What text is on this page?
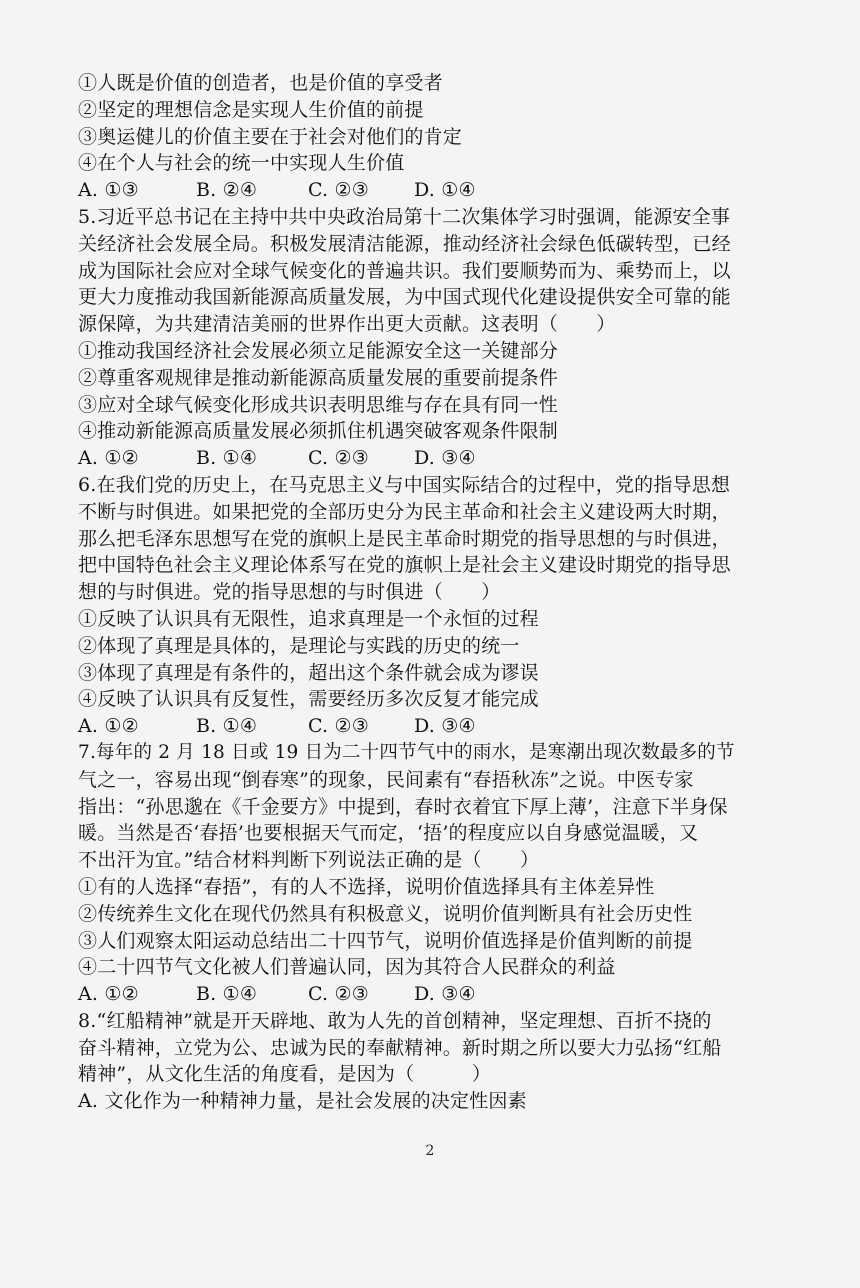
①人既是价值的创造者，也是价值的享受者
②坚定的理想信念是实现人生价值的前提
③奥运健儿的价值主要在于社会对他们的肯定
④在个人与社会的统一中实现人生价值
A. ①③	B. ②④	C. ②③ D. ①④
5.习近平总书记在主持中共中央政治局第十二次集体学习时强调，能源安全事
关经济社会发展全局。积极发展清洁能源，推动经济社会绿色低碳转型，已经
成为国际社会应对全球气候变化的普遍共识。我们要顺势而为、乘势而上，以
更大力度推动我国新能源高质量发展，为中国式现代化建设提供安全可靠的能
源保障，为共建清洁美丽的世界作出更大贡献。这表明（　　）
①推动我国经济社会发展必须立足能源安全这一关键部分
②尊重客观规律是推动新能源高质量发展的重要前提条件
③应对全球气候变化形成共识表明思维与存在具有同一性
④推动新能源高质量发展必须抓住机遇突破客观条件限制
A. ①②	B. ①④	C. ②③ D. ③④
6.在我们党的历史上，在马克思主义与中国实际结合的过程中，党的指导思想
不断与时俱进。如果把党的全部历史分为民主革命和社会主义建设两大时期，
那么把毛泽东思想写在党的旗帜上是民主革命时期党的指导思想的与时俱进，
把中国特色社会主义理论体系写在党的旗帜上是社会主义建设时期党的指导思
想的与时俱进。党的指导思想的与时俱进（　　）
①反映了认识具有无限性，追求真理是一个永恒的过程
②体现了真理是具体的，是理论与实践的历史的统一
③体现了真理是有条件的，超出这个条件就会成为谬误
④反映了认识具有反复性，需要经历多次反复才能完成
A. ①②	B. ①④	C. ②③ D. ③④
7.每年的 2 月 18 日或 19 日为二十四节气中的雨水，是寒潮出现次数最多的节
气之一，容易出现“倒春寒”的现象，民间素有“春捂秋冻”之说。中医专家
指出：“孙思邈在《千金要方》中提到，春时衣着宜下厚上薄’，注意下半身保
暖。当然是否‘春捂’也要根据天气而定，‘捂’的程度应以自身感觉温暖，又
不出汗为宜。”结合材料判断下列说法正确的是（　　）
①有的人选择“春捂”，有的人不选择，说明价值选择具有主体差异性
②传统养生文化在现代仍然具有积极意义，说明价值判断具有社会历史性
③人们观察太阳运动总结出二十四节气，说明价值选择是价值判断的前提
④二十四节气文化被人们普遍认同，因为其符合人民群众的利益
A. ①②	B. ①④	C. ②③ D. ③④
8.“红船精神”就是开天辟地、敢为人先的首创精神，坚定理想、百折不挠的
奋斗精神，立党为公、忠诚为民的奉献精神。新时期之所以要大力弘扬“红船
精神”，从文化生活的角度看，是因为（　　　）
A. 文化作为一种精神力量，是社会发展的决定性因素
2
